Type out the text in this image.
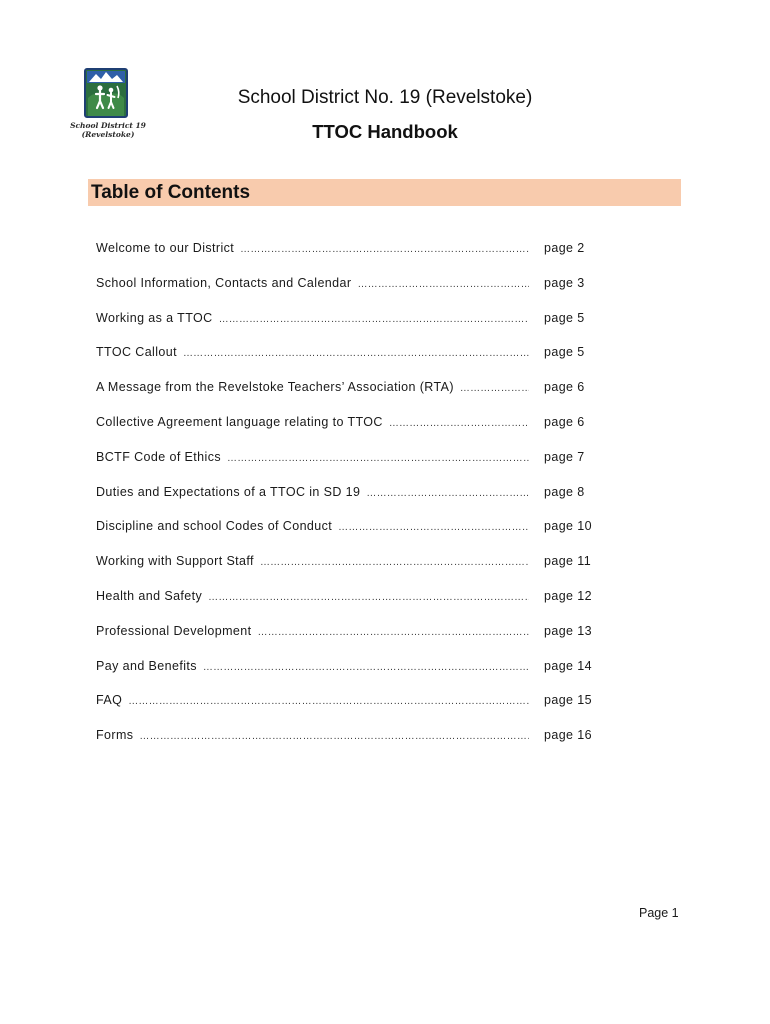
School District 19
(Revelstoke)
School District No. 19 (Revelstoke)
TTOC Handbook
Table of Contents
Welcome to our District ………………………………………………………………………………………………………………………………………………………………………………	page 2
School Information, Contacts and Calendar ………………………………………………………………………………………………………………………………………………………………………………	page 3
Working as a TTOC ………………………………………………………………………………………………………………………………………………………………………………	page 5
TTOC Callout ………………………………………………………………………………………………………………………………………………………………………………	page 5
A Message from the Revelstoke Teachers’ Association (RTA) ………………………………………………………………………………………………………………………………………………………………………………	page 6
Collective Agreement language relating to TTOC ………………………………………………………………………………………………………………………………………………………………………………	page 6
BCTF Code of Ethics ………………………………………………………………………………………………………………………………………………………………………………	page 7
Duties and Expectations of a TTOC in SD 19 ………………………………………………………………………………………………………………………………………………………………………………	page 8
Discipline and school Codes of Conduct ………………………………………………………………………………………………………………………………………………………………………………	page 10
Working with Support Staff ………………………………………………………………………………………………………………………………………………………………………………	page 11
Health and Safety ………………………………………………………………………………………………………………………………………………………………………………	page 12
Professional Development ………………………………………………………………………………………………………………………………………………………………………………	page 13
Pay and Benefits ………………………………………………………………………………………………………………………………………………………………………………	page 14
FAQ ………………………………………………………………………………………………………………………………………………………………………………	page 15
Forms ………………………………………………………………………………………………………………………………………………………………………………	page 16
Page 1
